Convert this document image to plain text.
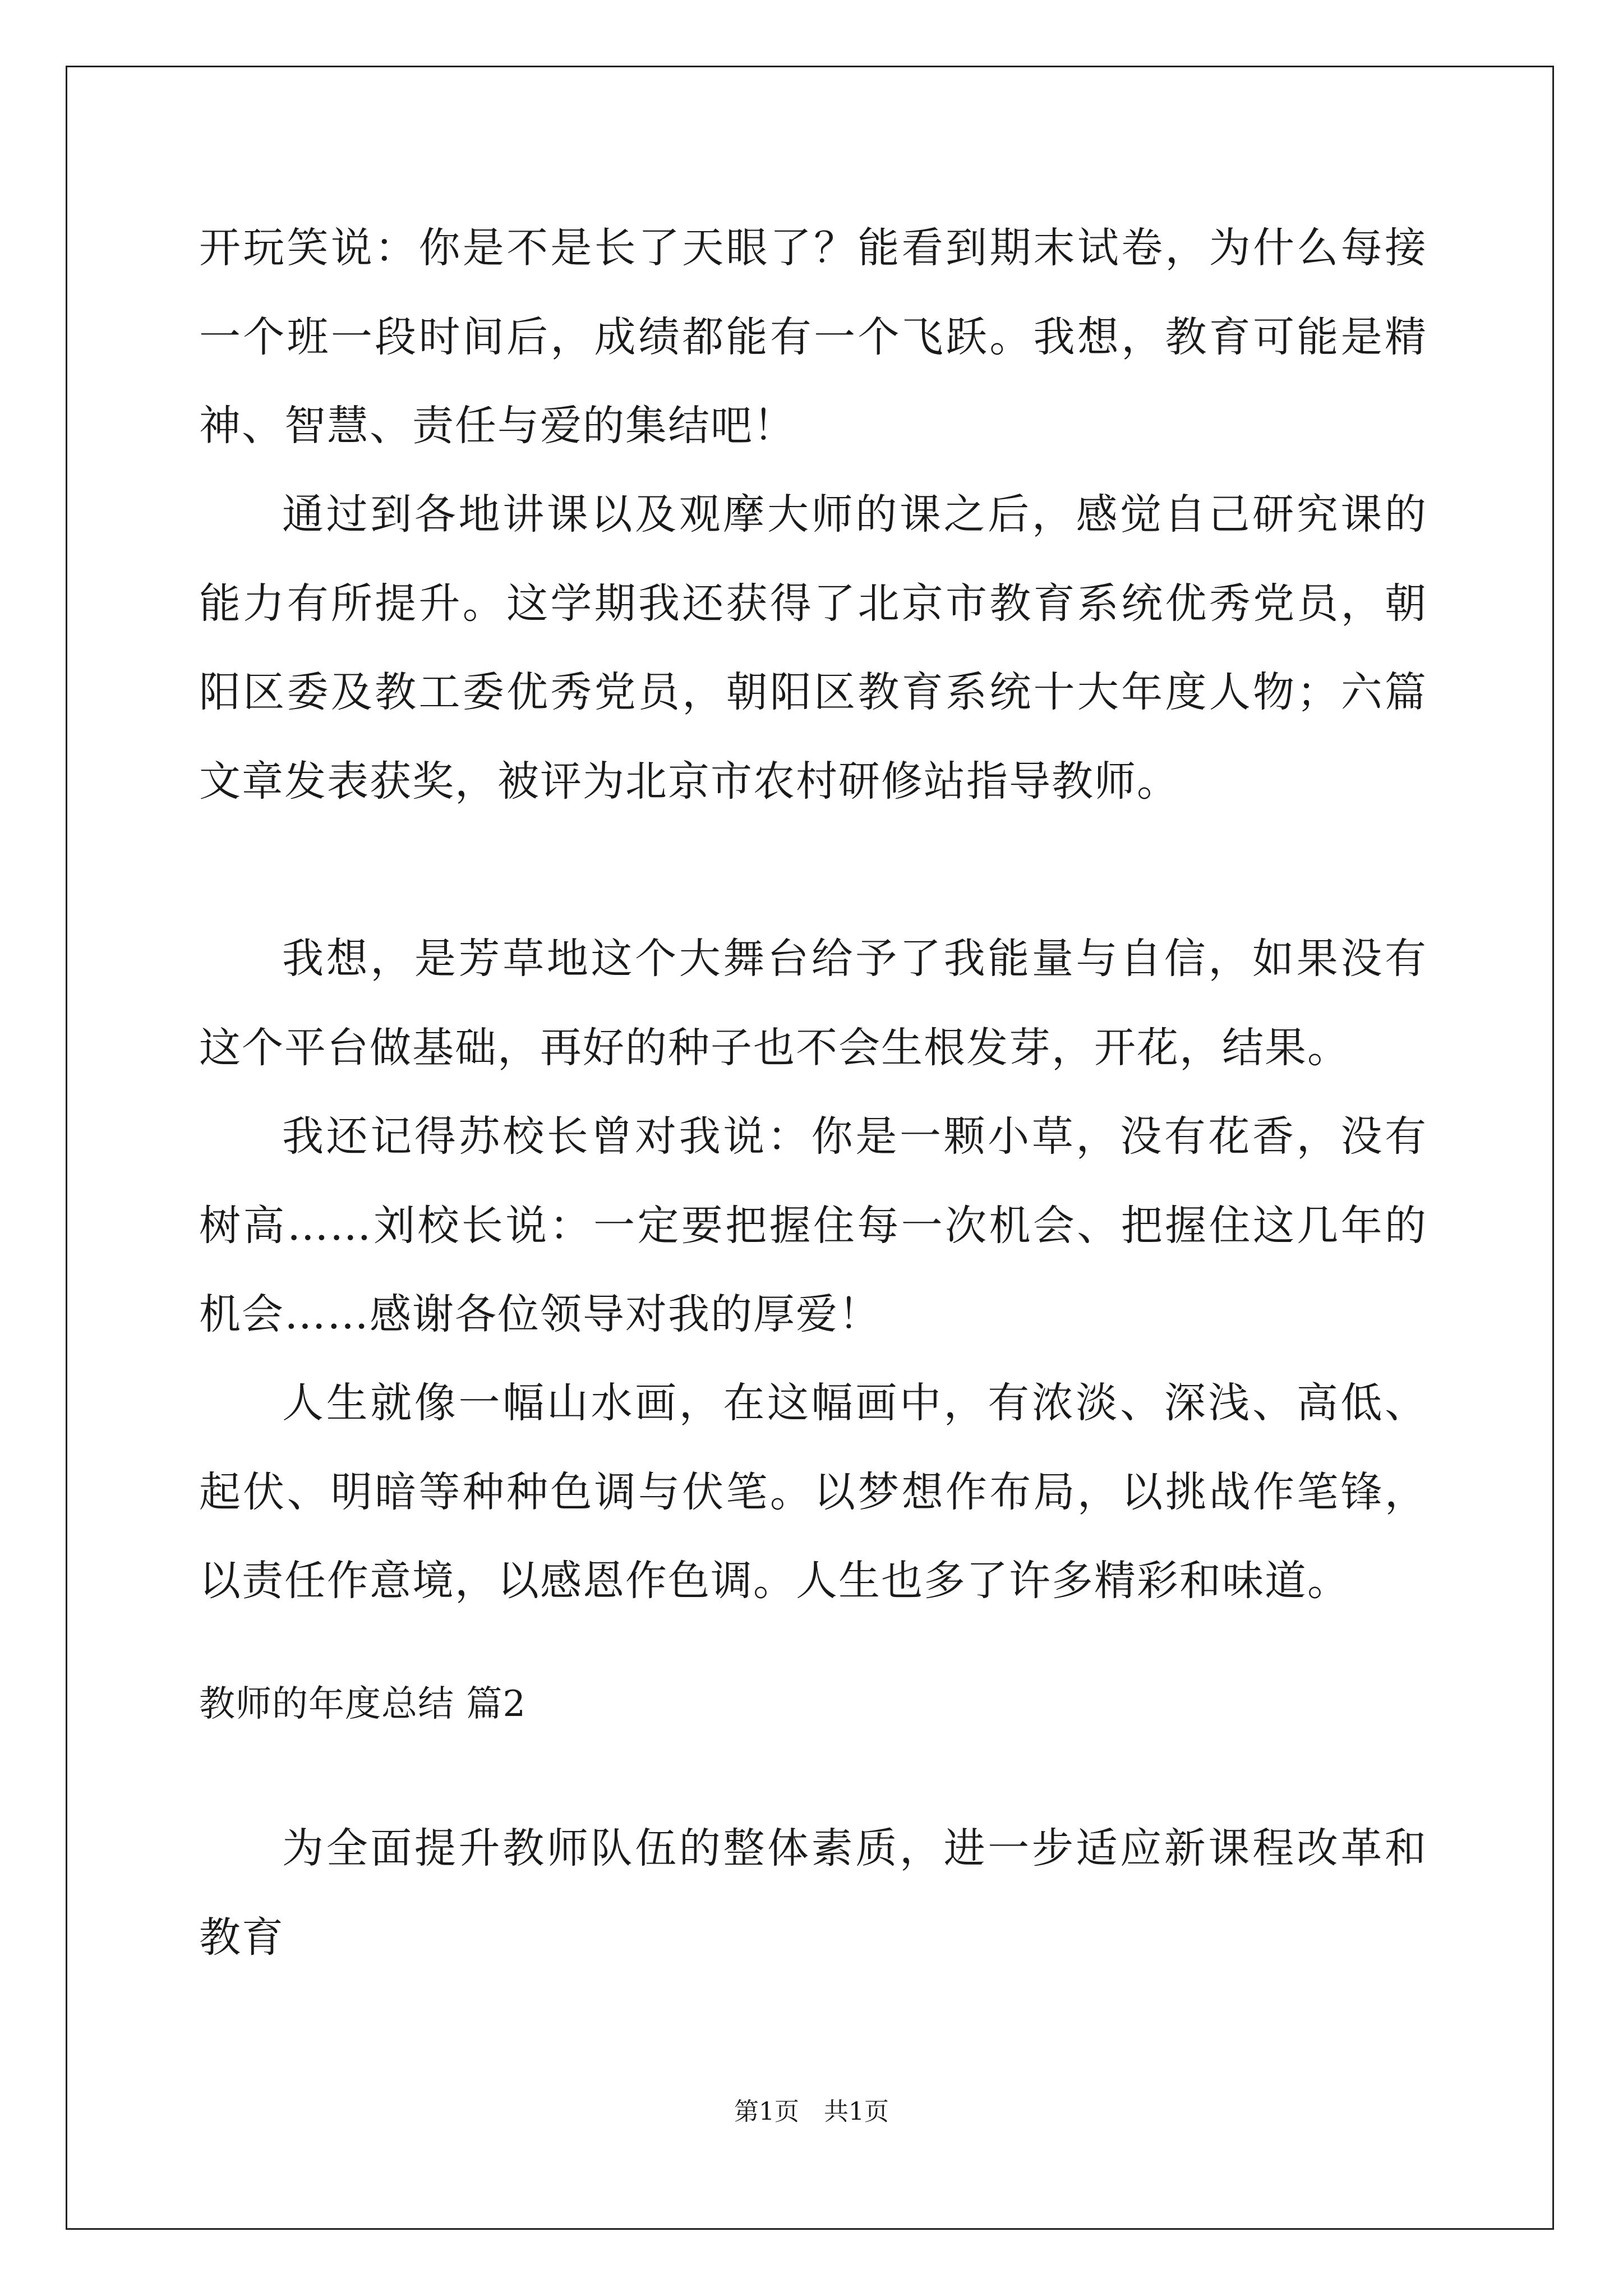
开玩笑说：你是不是长了天眼了？能看到期末试卷，为什么每接一个班一段时间后，成绩都能有一个飞跃。我想，教育可能是精神、智慧、责任与爱的集结吧！

通过到各地讲课以及观摩大师的课之后，感觉自己研究课的能力有所提升。这学期我还获得了北京市教育系统优秀党员，朝阳区委及教工委优秀党员，朝阳区教育系统十大年度人物；六篇文章发表获奖，被评为北京市农村研修站指导教师。

我想，是芳草地这个大舞台给予了我能量与自信，如果没有这个平台做基础，再好的种子也不会生根发芽，开花，结果。

我还记得苏校长曾对我说：你是一颗小草，没有花香，没有树高……刘校长说：一定要把握住每一次机会、把握住这几年的机会……感谢各位领导对我的厚爱！

人生就像一幅山水画，在这幅画中，有浓淡、深浅、高低、起伏、明暗等种种色调与伏笔。以梦想作布局，以挑战作笔锋，以责任作意境，以感恩作色调。人生也多了许多精彩和味道。

教师的年度总结 篇2

为全面提升教师队伍的整体素质，进一步适应新课程改革和教育

第1页　共1页
